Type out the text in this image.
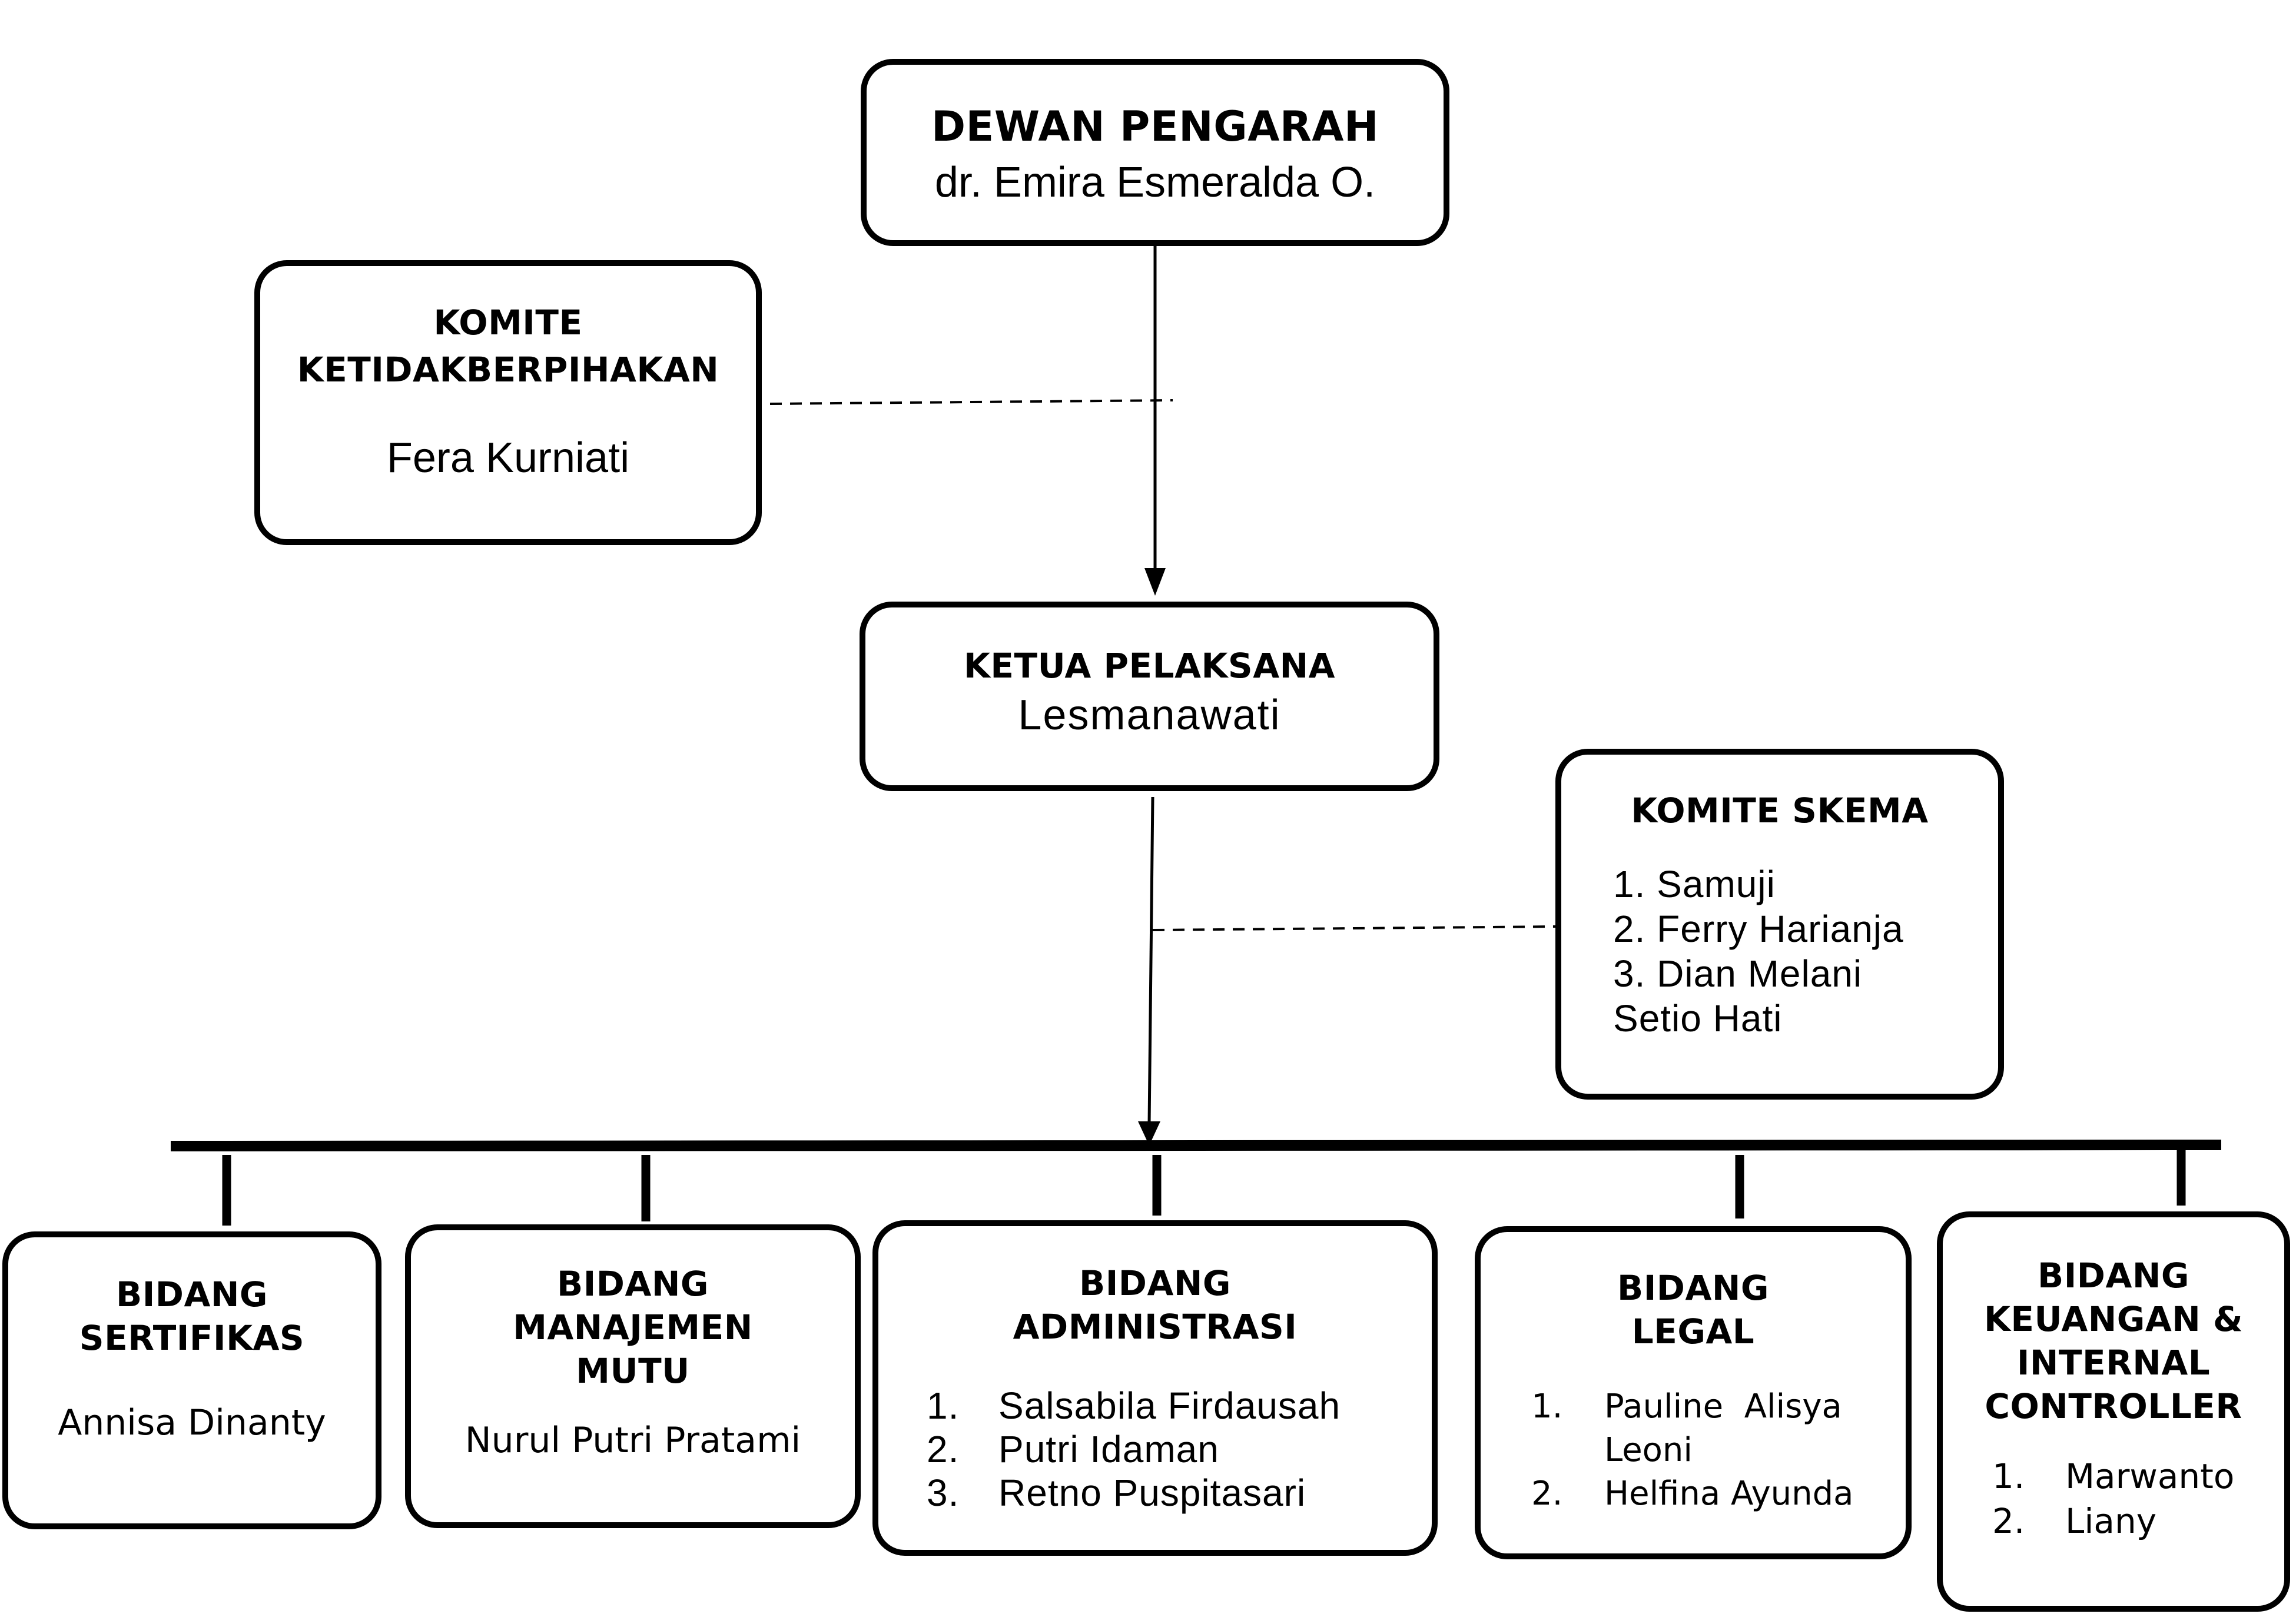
DEWAN PENGARAH
dr. Emira Esmeralda O.
KOMITE
KETIDAKBERPIHAKAN
Fera Kurniati
KETUA PELAKSANA
Lesmanawati
KOMITE SKEMA
1. Samuji
2. Ferry Harianja
3. Dian Melani
Setio Hati
BIDANG
SERTIFIKAS
Annisa Dinanty
BIDANG
MANAJEMEN
MUTU
Nurul Putri Pratami
BIDANG
ADMINISTRASI
1.	Salsabila Firdausah
2.	Putri Idaman
3.	Retno Puspitasari
BIDANG
LEGAL
1.	Pauline  Alisya
Leoni
2.	Helfina Ayunda
BIDANG
KEUANGAN &
INTERNAL
CONTROLLER
1.	Marwanto
2.	Liany
